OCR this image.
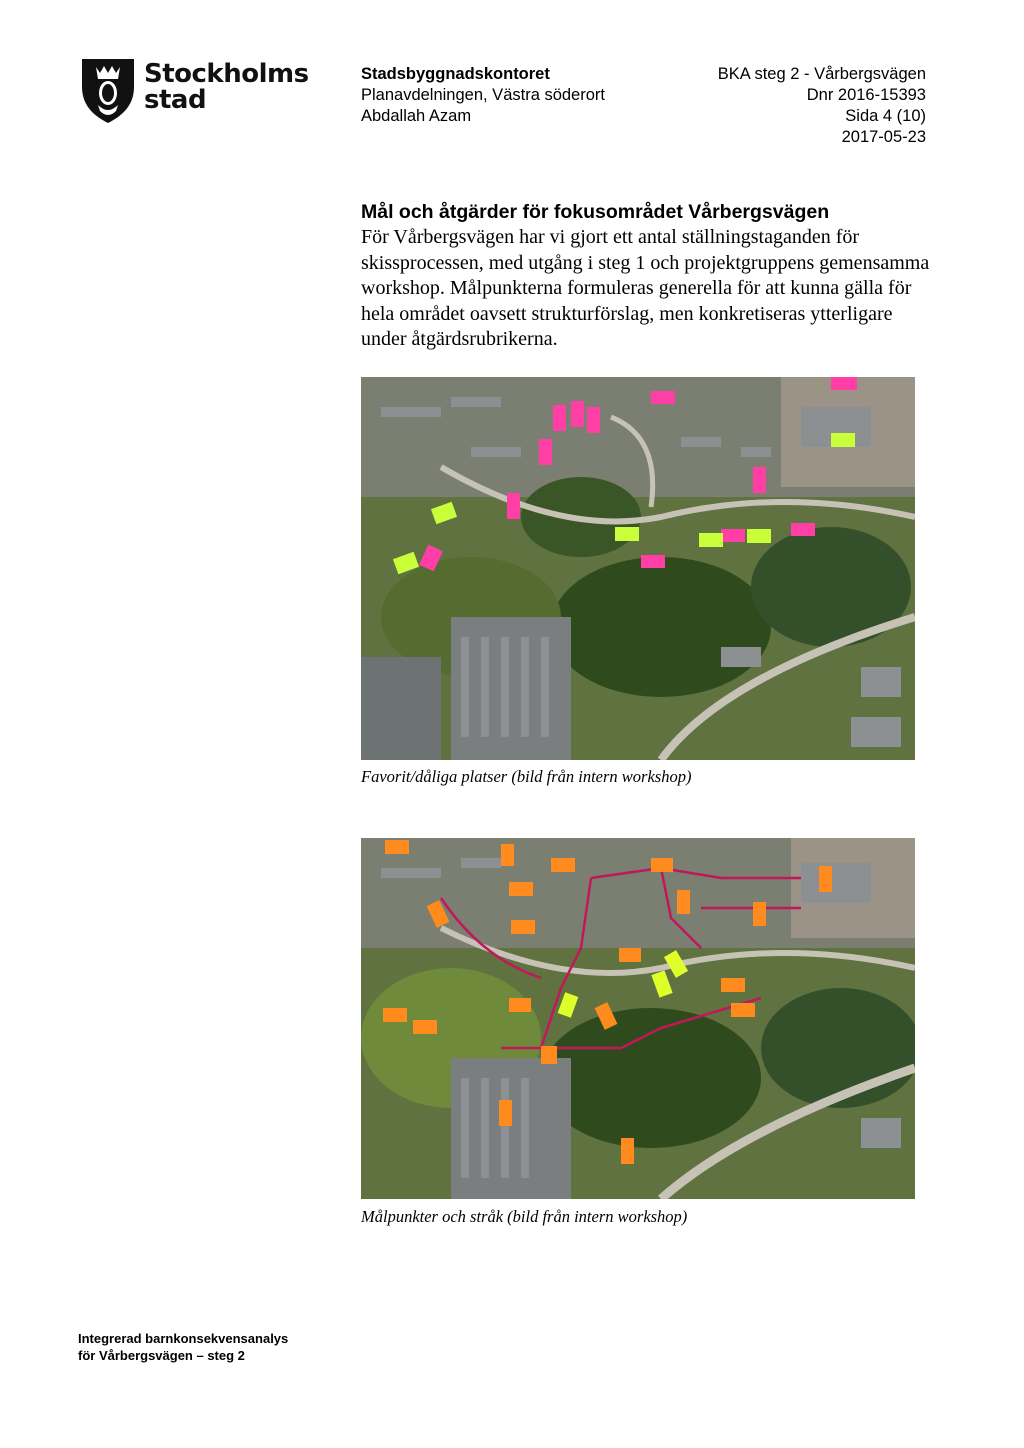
Stockholms
stad
Stadsbyggnadskontoret
Planavdelningen, Västra söderort
Abdallah Azam
BKA steg 2 - Vårbergsvägen
Dnr 2016-15393
Sida 4 (10)
2017-05-23
Mål och åtgärder för fokusområdet Vårbergsvägen

För Vårbergsvägen har vi gjort ett antal ställningstaganden för skissprocessen, med utgång i steg 1 och projektgruppens gemensamma workshop. Målpunkterna formuleras generella för att kunna gälla för hela området oavsett strukturförslag, men konkretiseras ytterligare under åtgärdsrubrikerna.

Favorit/dåliga platser (bild från intern workshop)

Målpunkter och stråk (bild från intern workshop)

Integrerad barnkonsekvensanalys
för Vårbergsvägen – steg 2
